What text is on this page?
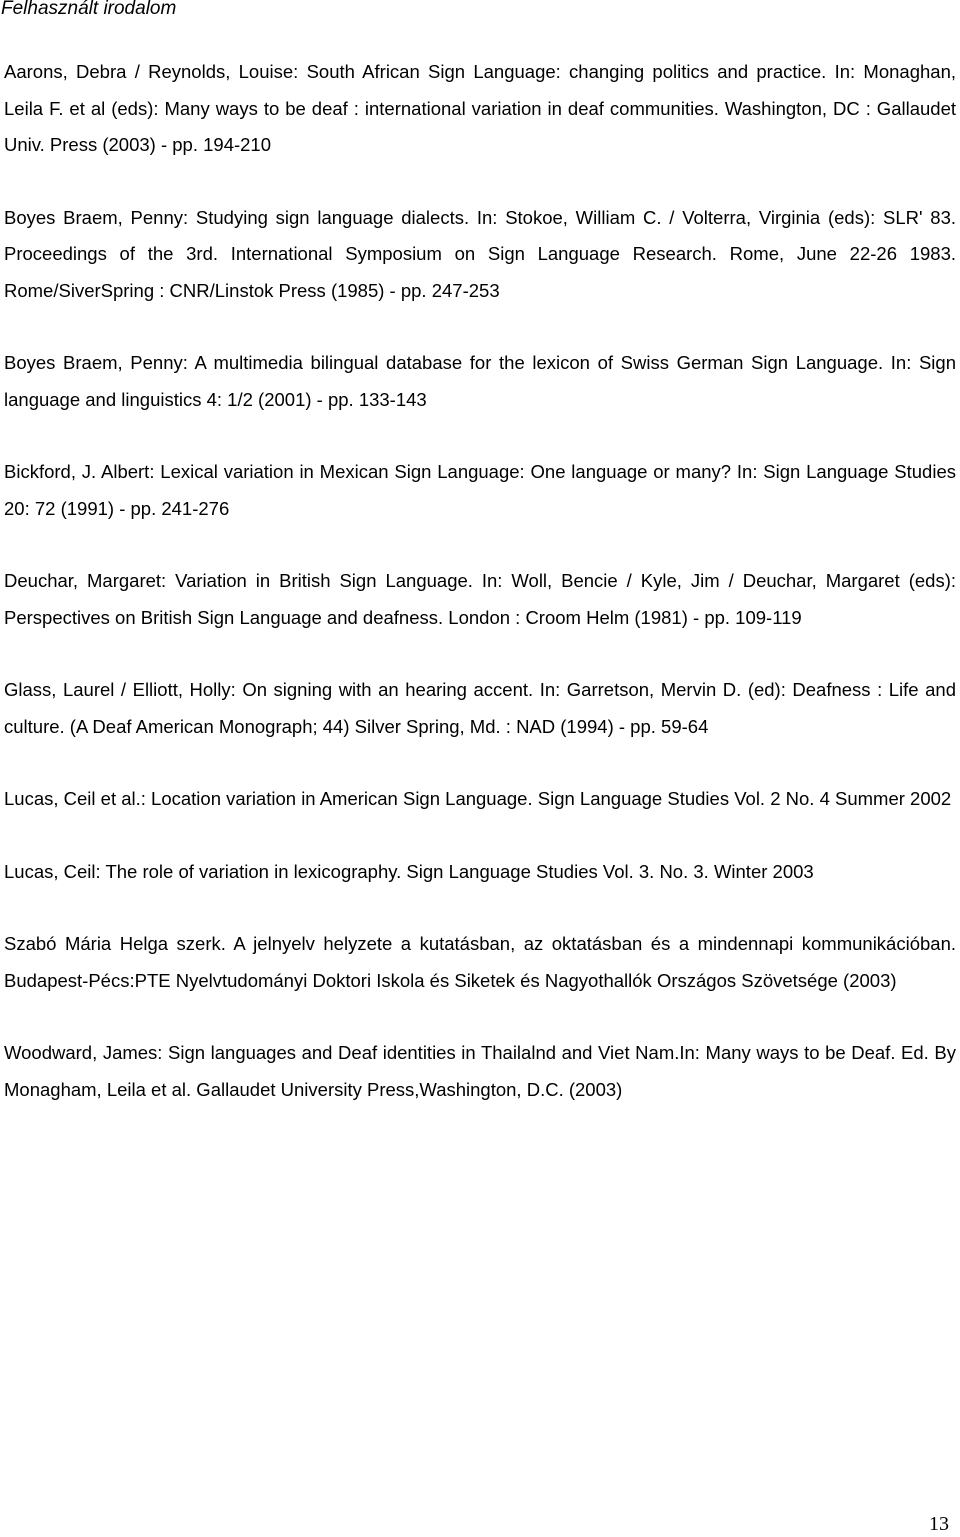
Felhasznált irodalom

Aarons, Debra / Reynolds, Louise: South African Sign Language: changing politics and practice. In: Monaghan, Leila F. et al (eds): Many ways to be deaf : international variation in deaf communities. Washington, DC : Gallaudet Univ. Press (2003) - pp. 194-210

Boyes Braem, Penny: Studying sign language dialects. In: Stokoe, William C. / Volterra, Virginia (eds): SLR' 83. Proceedings of the 3rd. International Symposium on Sign Language Research. Rome, June 22-26 1983. Rome/SiverSpring : CNR/Linstok Press (1985) - pp. 247-253

Boyes Braem, Penny: A multimedia bilingual database for the lexicon of Swiss German Sign Language. In: Sign language and linguistics 4: 1/2 (2001) - pp. 133-143

Bickford, J. Albert: Lexical variation in Mexican Sign Language: One language or many? In: Sign Language Studies 20: 72 (1991) - pp. 241-276

Deuchar, Margaret: Variation in British Sign Language. In: Woll, Bencie / Kyle, Jim / Deuchar, Margaret (eds): Perspectives on British Sign Language and deafness. London : Croom Helm (1981) - pp. 109-119

Glass, Laurel / Elliott, Holly: On signing with an hearing accent. In: Garretson, Mervin D. (ed): Deafness : Life and culture. (A Deaf American Monograph; 44) Silver Spring, Md. : NAD (1994) - pp. 59-64

Lucas, Ceil et al.: Location variation in American Sign Language. Sign Language Studies Vol. 2 No. 4 Summer 2002

Lucas, Ceil: The role of variation in lexicography. Sign Language Studies Vol. 3. No. 3. Winter 2003

Szabó Mária Helga szerk. A jelnyelv helyzete a kutatásban, az oktatásban és a mindennapi kommunikációban. Budapest-Pécs:PTE Nyelvtudományi Doktori Iskola és Siketek és Nagyothallók Országos Szövetsége (2003)

Woodward, James: Sign languages and Deaf identities in Thailalnd and Viet Nam.In: Many ways to be Deaf. Ed. By Monagham, Leila et al. Gallaudet University Press,Washington, D.C. (2003)

13
